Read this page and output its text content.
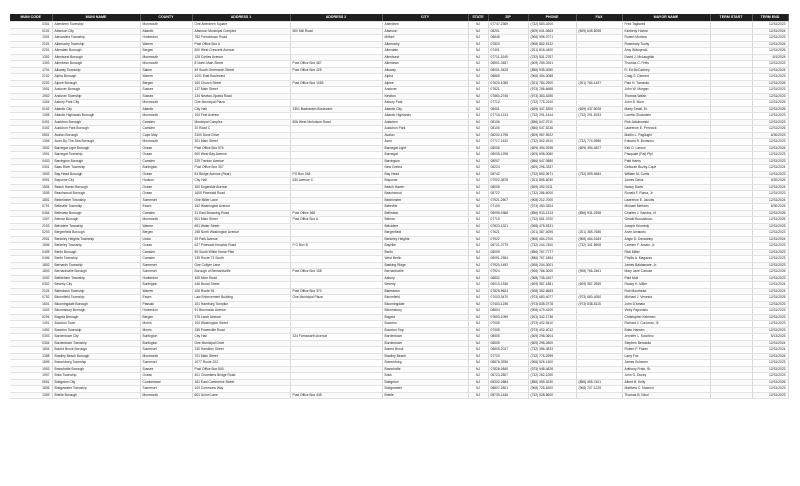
MUNI CODE	MUNI NAME	COUNTY	ADDRESS 1	ADDRESS 2	CITY	STATE	ZIP	PHONE	FAX	MAYOR NAME	TERM START	TERM END
0301	Aberdeen Township	Monmouth	One Aberdeen Square		Aberdeen	NJ	07747-2369	(732) 583-4200		Fred Tagliarini		12/31/2023
0101	Absecon City	Atlantic	Absecon Municipal Complex	500 Mill Road	Absecon	NJ	08201	(609) 641-0663	(609) 645-5098	Kimberly Horton		12/31/2024
1001	Alexandria Township	Hunterdon	782 Frenchtown Road		Milford	NJ	08848	(908) 996-7071		Robert Mortara		12/31/2023
2101	Allamuchy Township	Warren	Post Office Box A		Allamuchy	NJ	07820	(908) 852-5132		Rosemary Touhy		12/31/2024
0201	Allendale Borough	Bergen	500 West Crescent Avenue		Allendale	NJ	07401	(201) 818-4400		Amy Wilczynski		12/31/2026
1302	Allenhurst Borough	Monmouth	125 Corlies Avenue		Allenhurst	NJ	07711-1049	(732) 531-2757		David J. McLaughlin		5/1/2024
1303	Allentown Borough	Monmouth	8 North Main Street	Post Office Box 487	Allentown	NJ	08501-0487	(609) 259-3151		Thomas C. Fritts		12/31/2023
1701	Alloway Township	Salem	49 South Greenwich Street	Post Office Box 425	Alloway	NJ	08001-0425	(856) 935-4050		R. Ed McCartney		12/31/2024
2102	Alpha Borough	Warren	1001 East Boulevard		Alpha	NJ	08865	(908) 454-0088		Craig S. Diemert		12/31/2023
0202	Alpine Borough	Bergen	100 Church Street	Post Office Box 1055	Alpine	NJ	07620-1055	(201) 784-2900	(201) 784-1497	Paul H. Tomasko		12/31/2026
1901	Andover Borough	Sussex	137 Main Street		Andover	NJ	07821	(973) 786-6688		John W. Morgan		12/31/2023
1902	Andover Township	Sussex	134 Newton-Sparta Road		Newton	NJ	07860-2746	(973) 383-4280		Thomas Walsh		12/31/2023
1304	Asbury Park City	Monmouth	One Municipal Plaza		Asbury Park	NJ	07712	(732) 775-2100		John B. Moor		12/31/2026
0102	Atlantic City	Atlantic	City Hall	1301 Bacharach Boulevard	Atlantic City	NJ	08401	(609) 347-5300	(609) 437-5028	Marty Small, Sr.		12/31/2026
1305	Atlantic Highlands Borough	Monmouth	100 First Avenue		Atlantic Highlands	NJ	07716-1213	(732) 291-1444	(732) 291-5153	Loretta Gluckstein		12/31/2023
0401	Audubon Borough	Camden	Municipal Complex	606 West Nicholson Road	Audubon	NJ	08106	(856) 547-0711		Rob Jakubowski		12/31/2023
0402	Audubon Park Borough	Camden	20 Road C		Audubon Park	NJ	08106	(856) 547-5236		Lawrence E. Pennock		12/31/2026
0501	Avalon Borough	Cape May	3100 Dune Drive		Avalon	NJ	08202-1796	(609) 967-5922		Martin L. Pagliughi		6/30/2023
1306	Avon-By-The-Sea Borough	Monmouth	301 Main Street		Avon	NJ	07717-1610	(732) 502-4510	(732) 774-0986	Edward R. Bonanno		12/31/2023
1502	Barnegat Light Borough	Ocean	Post Office Box 576		Barnegat Light	NJ	08006	(609) 494-9196	(609) 494-4627	Kirk O. Larson		12/31/2024
1501	Barnegat Township	Ocean	900 West Bay Avenue		Barnegat	NJ	08005-1298	(609) 698-0080		Pasquale (Pat) Pipi		12/31/2023
0403	Barrington Borough	Camden	229 Trenton Avenue		Barrington	NJ	08007	(856) 547-0880		Patti Harris		12/31/2023
0301	Bass River Township	Burlington	Post Office Box 307		New Gretna	NJ	08224	(609) 296-3337		Deborah Buzby-Cope		12/31/2024
1503	Bay Head Borough	Ocean	81 Bridge Avenue (Rear)	PO Box 248	Bay Head	NJ	08742	(732) 892-0671	(732) 899-6484	William M. Curtis		12/31/2023
0901	Bayonne City	Hudson	City Hall	630 Avenue C	Bayonne	NJ	07002-3878	(201) 858-6030		James Davis		6/30/2026
1504	Beach Haven Borough	Ocean	300 Engleside Avenue		Beach Haven	NJ	08008	(609) 492-0111		Nancy Davis		12/31/2024
1505	Beachwood Borough	Ocean	1600 Pinewald Road		Beachwood	NJ	08722	(732) 286-6000		Ronald F. Roma, Jr.		12/31/2023
1801	Bedminster Township	Somerset	One Miller Lane		Bedminster	NJ	07921-2507	(908) 212-7000		Lawrence E. Jacobs		12/31/2024
0701	Belleville Township	Essex	152 Washington Avenue		Belleville	NJ	07109	(973) 450-3304		Michael Melham		6/30/2026
0404	Bellmawr Borough	Camden	21 East Browning Road	Post Office 368	Bellmawr	NJ	08099-0368	(856) 933-1313	(856) 931-2398	Charles J. Sandoz, III		12/31/2026
1307	Belmar Borough	Monmouth	601 Main Street	Post Office Box A	Belmar	NJ	07719	(732) 681-3700		Gerald Buccafusco		12/31/2026
2103	Belvidere Township	Warren	691 Water Street		Belvidere	NJ	07823-1321	(908) 475-5331		Joseph Kennedy		12/31/2023
0203	Bergenfield Borough	Bergen	198 North Washington Avenue		Bergenfield	NJ	07621	(201) 387-4055	(201) 385-7686	Arvin Amatorio		12/31/2023
2001	Berkeley Heights Township	Union	29 Park Avenue		Berkeley Heights	NJ	07922	(908) 464-2700	(908) 464-0183	Angie D. Devanney		12/31/2024
1506	Berkeley Township	Ocean	627 Pinewald Keswick Road	P O Box B	Bayville	NJ	08721-0779	(732) 244-7400	(732) 341-8908	Carmen F. Amato, Jr.		12/31/2023
0405	Berlin Borough	Camden	59 South White Horse Pike		Berlin	NJ	08009	(856) 767-7777		Rick Miller		12/31/2023
0406	Berlin Township	Camden	135 Route 73 South		West Berlin	NJ	08091-2554	(856) 767-1854		Phyllis A. Magazzu		12/31/2023
1802	Bernards Township	Somerset	One Collyer Lane		Basking Ridge	NJ	07920-1492	(908) 204-3001		James Baldassare, Jr.		12/31/2023
1803	Bernardsville Borough	Somerset	Borough of Bernardsville	Post Office Box 158	Bernardsville	NJ	07924	(908) 766-3000	(908) 766-2461	Mary Jane Canose		12/31/2026
1002	Bethlehem Township	Hunterdon	405 Mine Road		Asbury	NJ	08802	(908) 735-4107		Paul Muir		12/31/2023
0302	Beverly City	Burlington	446 Broad Street		Beverly	NJ	08010-1536	(609) 387-1881	(609) 387-2559	Randy H. Miller		12/31/2024
2104	Blairstown Township	Warren	106 Route 94	Post Office Box 370	Blairstown	NJ	07825-9624	(908) 362-6663		Rob Moorhead		12/31/2024
0702	Bloomfield Township	Essex	Law Enforcement Building	One Municipal Plaza	Bloomfield	NJ	07003-3470	(973) 680-4077	(973) 680-4050	Michael J. Venezia		12/31/2025
1601	Bloomingdale Borough	Passaic	101 Hamburg Turnpike		Bloomingdale	NJ	07403-1236	(973) 838-0778	(973) 838-5115	John D'Amato		12/31/2023
1003	Bloomsbury Borough	Hunterdon	91 Brunswick Avenue		Bloomsbury	NJ	08804	(908) 479-4200		Vicky Papoutsis		12/31/2023
0204	Bogota Borough	Bergen	375 Larch Avenue		Bogota	NJ	07603-1099	(201) 342-1736		Christopher Kelemen		12/31/2023
1401	Boonton Town	Morris	100 Washington Street		Boonton	NJ	07005	(973) 402-9410		Richard J. Corcoran, III		12/31/2023
1402	Boonton Township	Morris	155 Powerville Road		Boonton Twp	NJ	07005	(973) 402-4012		Brian Hansen		12/31/2023
0303	Bordentown City	Burlington	City Hall	324 Farnsworth Avenue	Bordentown	NJ	08505	(609) 298-0604		Jennifer L. Sciortino		5/13/2025
0304	Bordentown Township	Burlington	One Municipal Drive		Bordentown	NJ	08505	(609) 298-2800		Stephen Benowitz		12/31/2024
1804	Bound Brook Borough	Somerset	230 Hamilton Street		Bound Brook	NJ	08805-2017	(732) 356-0833		Robert P. Fazen		12/31/2024
1308	Bradley Beach Borough	Monmouth	701 Main Street		Bradley Beach	NJ	07720	(732) 776-2999		Larry Fox		12/31/2024
1805	Branchburg Township	Somerset	1077 Route 202		Branchburg	NJ	08876-3936	(908) 526-1300		James Schworn		12/31/2023
1903	Branchville Borough	Sussex	Post Office Box 840		Branchville	NJ	07826-0840	(973) 948-4626		Anthony Frato, Sr.		12/31/2023
1507	Brick Township	Ocean	401 Chambers Bridge Road		Brick	NJ	08723-2807	(732) 262-1050		John G. Ducey		12/31/2023
0601	Bridgeton City	Cumberland	181 East Commerce Street		Bridgeton	NJ	08302-2684	(856) 455-3230	(856) 455-7401	Albert B. Kelly		12/31/2026
1806	Bridgewater Township	Somerset	100 Commons Way		Bridgewater	NJ	08807-2801	(908) 725-6300	(908) 707-1225	Matthew C. Moench		12/31/2023
1309	Brielle Borough	Monmouth	601 Union Lane	Post Office Box 445	Brielle	NJ	08730-1446	(732) 528-6600		Thomas B. Nicol		12/31/2023
